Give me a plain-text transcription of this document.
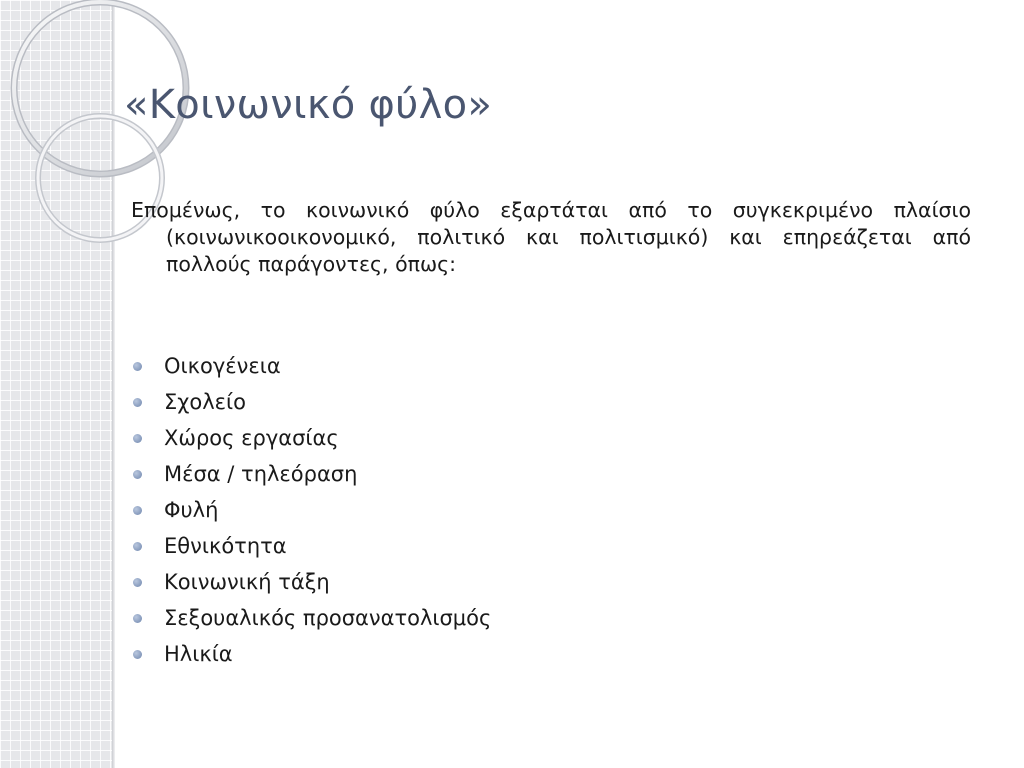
«Κοινωνικό φύλο»
Επομένως, το κοινωνικό φύλο εξαρτάται από το συγκεκριμένο πλαίσιο (κοινωνικοοικονομικό, πολιτικό και πολιτισμικό) και επηρεάζεται από πολλούς παράγοντες, όπως:
Οικογένεια
Σχολείο
Χώρος εργασίας
Μέσα / τηλεόραση
Φυλή
Εθνικότητα
Κοινωνική τάξη
Σεξουαλικός προσανατολισμός
Ηλικία
